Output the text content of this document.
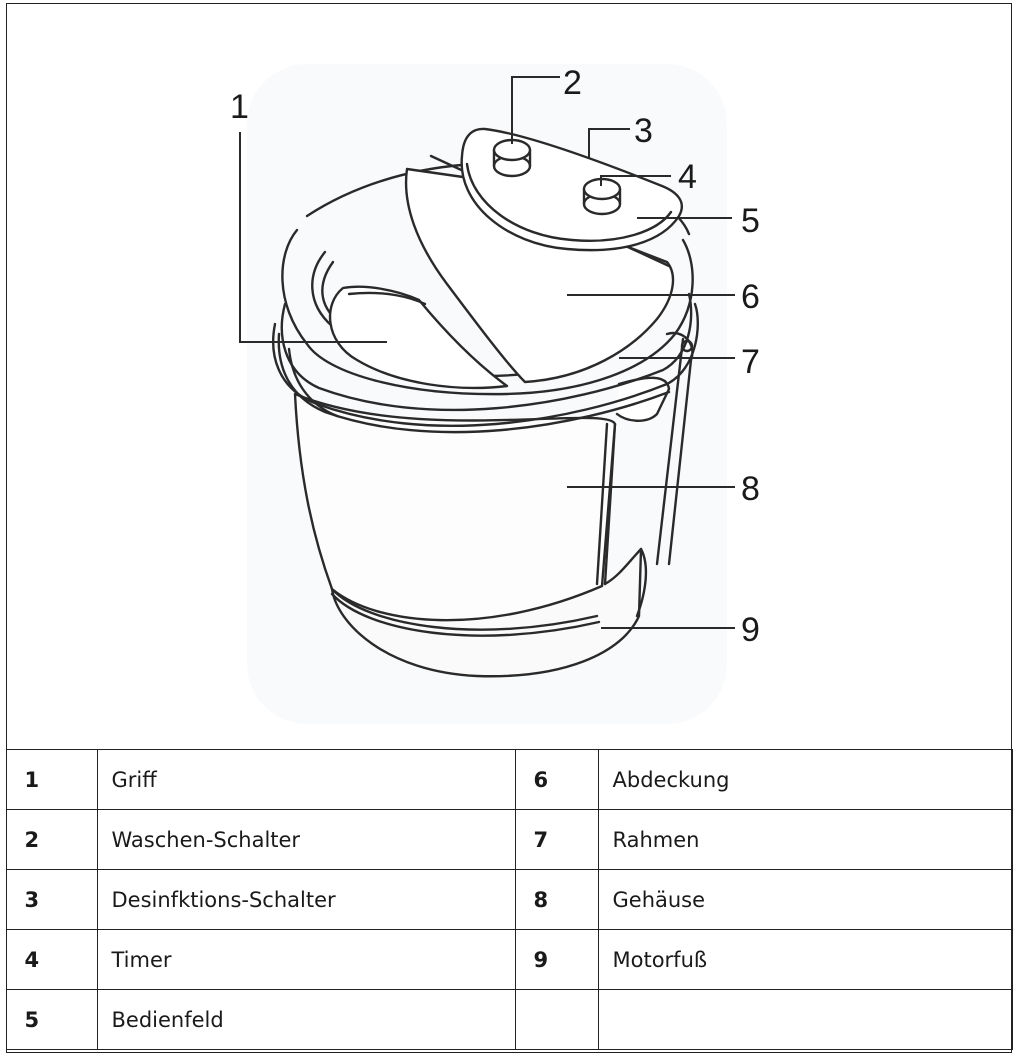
1
2
3
4
5
6
7
8
9
1	Griff	6	Abdeckung
2	Waschen-Schalter	7	Rahmen
3	Desinfktions-Schalter	8	Gehäuse
4	Timer	9	Motorfuß
5	Bedienfeld		
